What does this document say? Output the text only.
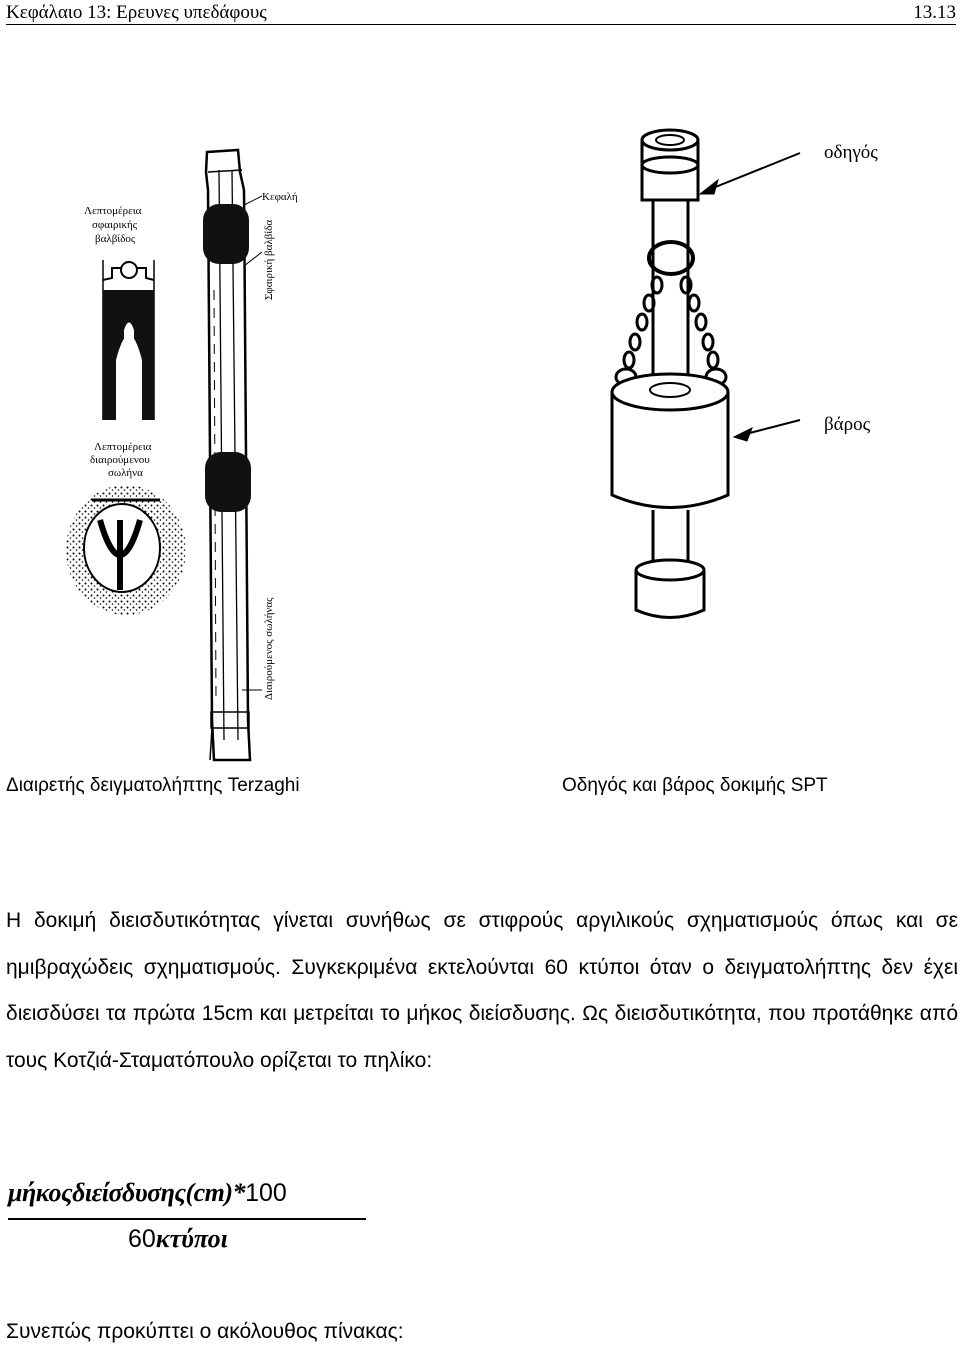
Κεφάλαιο 13: Ερευνες υπεδάφους	13.13
Κεφαλή
Σφαιρική βαλβίδα
Διαιρούμενος σωλήνας
Λεπτομέρεια
σφαιρικής
βαλβίδος
Λεπτομέρεια
διαιρούμενου
σωλήνα
οδηγός
βάρος
Διαιρετής δειγματολήπτης Terzaghi	Οδηγός και βάρος δοκιμής SPT

Η δοκιμή διεισδυτικότητας γίνεται συνήθως σε στιφρούς αργιλικούς σχηματισμούς όπως και σε ημιβραχώδεις σχηματισμούς. Συγκεκριμένα εκτελούνται 60 κτύποι όταν ο δειγματολήπτης δεν έχει διεισδύσει τα πρώτα 15cm και μετρείται το μήκος διείσδυσης. Ως διεισδυτικότητα, που προτάθηκε από τους Κοτζιά-Σταματόπουλο ορίζεται το πηλίκο:

μήκοςδιείσδυσης(cm)*100
60κτύποι
Συνεπώς προκύπτει ο ακόλουθος πίνακας:
